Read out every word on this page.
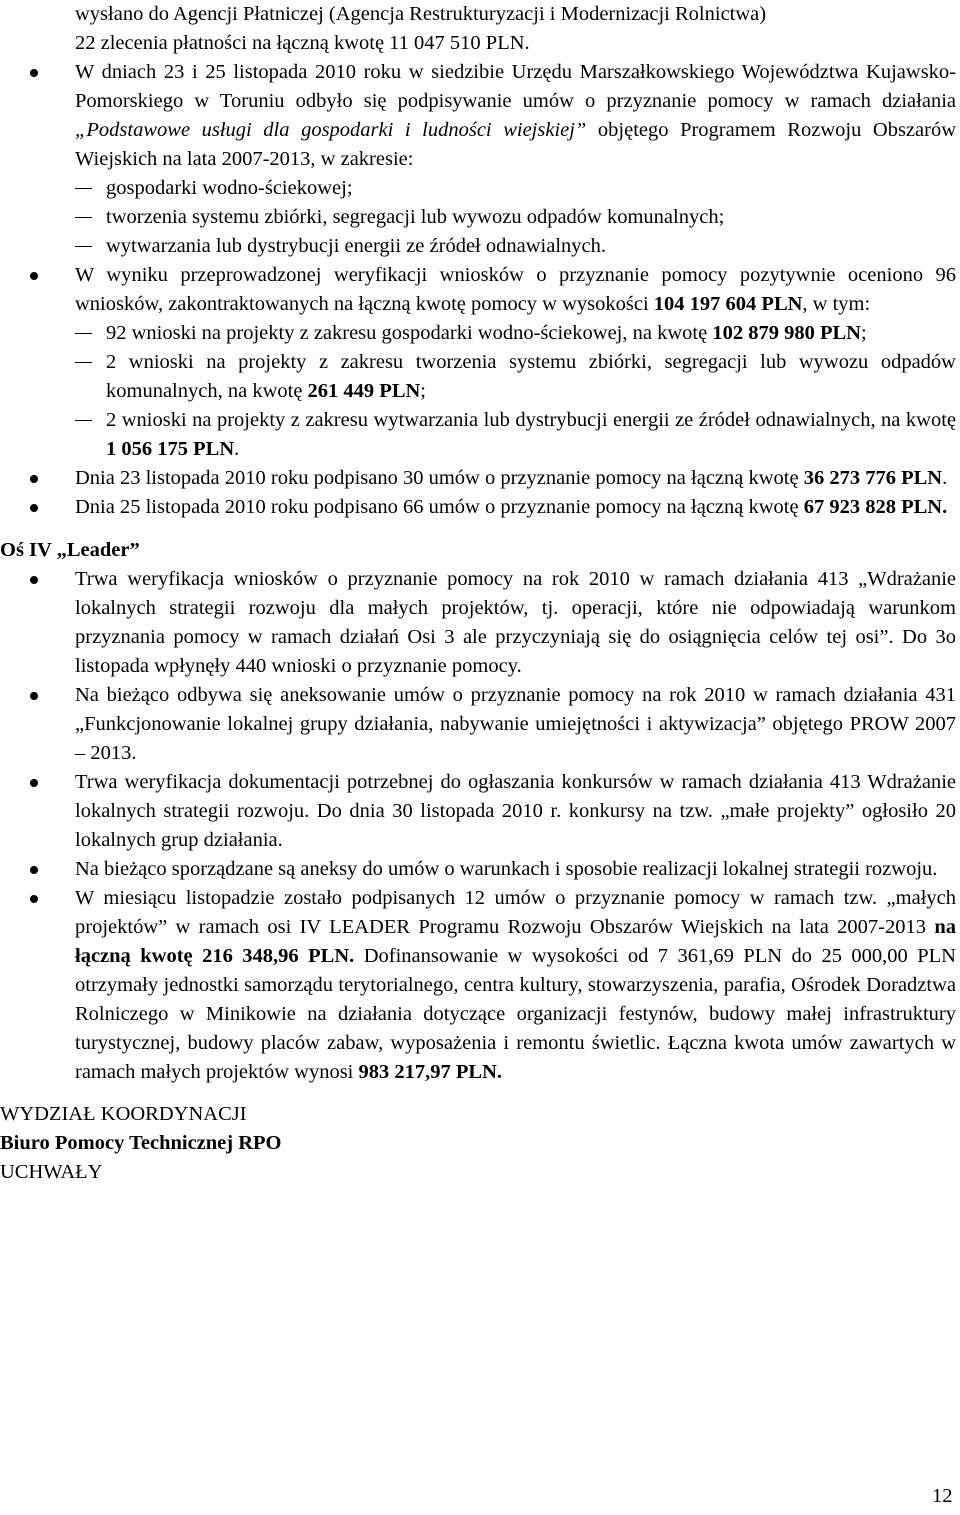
wysłano do Agencji Płatniczej (Agencja Restrukturyzacji i Modernizacji Rolnictwa)

22 zlecenia płatności na łączną kwotę 11 047 510 PLN.

W dniach 23 i 25 listopada 2010 roku w siedzibie Urzędu Marszałkowskiego Województwa Kujawsko-Pomorskiego w Toruniu odbyło się podpisywanie umów o przyznanie pomocy w ramach działania „Podstawowe usługi dla gospodarki i ludności wiejskiej” objętego Programem Rozwoju Obszarów Wiejskich na lata 2007-2013, w zakresie:
gospodarki wodno-ściekowej;
tworzenia systemu zbiórki, segregacji lub wywozu odpadów komunalnych;
wytwarzania lub dystrybucji energii ze źródeł odnawialnych.
W wyniku przeprowadzonej weryfikacji wniosków o przyznanie pomocy pozytywnie oceniono 96 wniosków, zakontraktowanych na łączną kwotę pomocy w wysokości 104 197 604 PLN, w tym:
92 wnioski na projekty z zakresu gospodarki wodno-ściekowej, na kwotę 102 879 980 PLN;
2 wnioski na projekty z zakresu tworzenia systemu zbiórki, segregacji lub wywozu odpadów komunalnych, na kwotę 261 449 PLN;
2 wnioski na projekty z zakresu wytwarzania lub dystrybucji energii ze źródeł odnawialnych, na kwotę 1 056 175 PLN.
Dnia 23 listopada 2010 roku podpisano 30 umów o przyznanie pomocy na łączną kwotę 36 273 776 PLN.
Dnia 25 listopada 2010 roku podpisano 66 umów o przyznanie pomocy na łączną kwotę 67 923 828 PLN.

Oś IV „Leader”

Trwa weryfikacja wniosków o przyznanie pomocy na rok 2010 w ramach działania 413 „Wdrażanie lokalnych strategii rozwoju dla małych projektów, tj. operacji, które nie odpowiadają warunkom przyznania pomocy w ramach działań Osi 3 ale przyczyniają się do osiągnięcia celów tej osi”. Do 3o listopada wpłynęły 440 wnioski o przyznanie pomocy.
Na bieżąco odbywa się aneksowanie umów o przyznanie pomocy na rok 2010 w ramach działania 431 „Funkcjonowanie lokalnej grupy działania, nabywanie umiejętności i aktywizacja” objętego PROW 2007 – 2013.
Trwa weryfikacja dokumentacji potrzebnej do ogłaszania konkursów w ramach działania 413 Wdrażanie lokalnych strategii rozwoju. Do dnia 30 listopada 2010 r. konkursy na tzw. „małe projekty” ogłosiło 20 lokalnych grup działania.
Na bieżąco sporządzane są aneksy do umów o warunkach i sposobie realizacji lokalnej strategii rozwoju.
W miesiącu listopadzie zostało podpisanych 12 umów o przyznanie pomocy w ramach tzw. „małych projektów” w ramach osi IV LEADER Programu Rozwoju Obszarów Wiejskich na lata 2007-2013 na łączną kwotę 216 348,96 PLN. Dofinansowanie w wysokości od 7 361,69 PLN do 25 000,00 PLN otrzymały jednostki samorządu terytorialnego, centra kultury, stowarzyszenia, parafia, Ośrodek Doradztwa Rolniczego w Minikowie na działania dotyczące organizacji festynów, budowy małej infrastruktury turystycznej, budowy placów zabaw, wyposażenia i remontu świetlic. Łączna kwota umów zawartych w ramach małych projektów wynosi 983 217,97 PLN.

WYDZIAŁ KOORDYNACJI

Biuro Pomocy Technicznej RPO

UCHWAŁY

12
